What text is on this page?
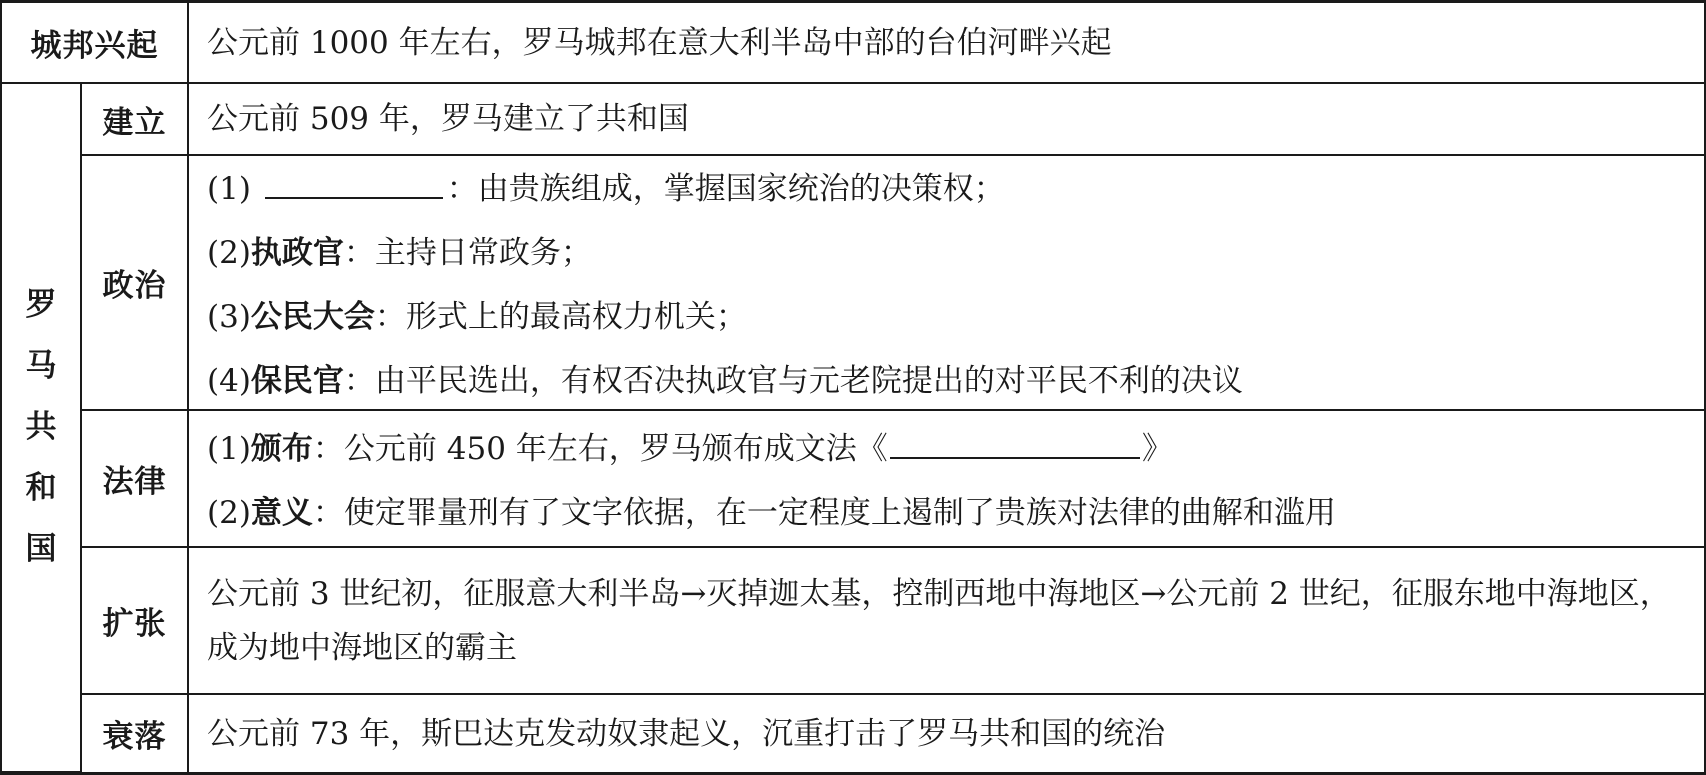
城邦兴起		公元前 1000 年左右，罗马城邦在意大利半岛中部的台伯河畔兴起

罗
马
共
和
国	建立	公元前 509 年，罗马建立了共和国
	政治	(1) ：由贵族组成，掌握国家统治的决策权；
(2)执政官：主持日常政务；
(3)公民大会：形式上的最高权力机关；
(4)保民官：由平民选出，有权否决执政官与元老院提出的对平民不利的决议

	法律	(1)颁布：公元前 450 年左右，罗马颁布成文法《 》
(2)意义：使定罪量刑有了文字依据，在一定程度上遏制了贵族对法律的曲解和滥用

	扩张	公元前 3 世纪初，征服意大利半岛→灭掉迦太基，控制西地中海地区→公元前 2 世纪，征服东地中海地区，成为地中海地区的霸主
	衰落	公元前 73 年，斯巴达克发动奴隶起义，沉重打击了罗马共和国的统治
